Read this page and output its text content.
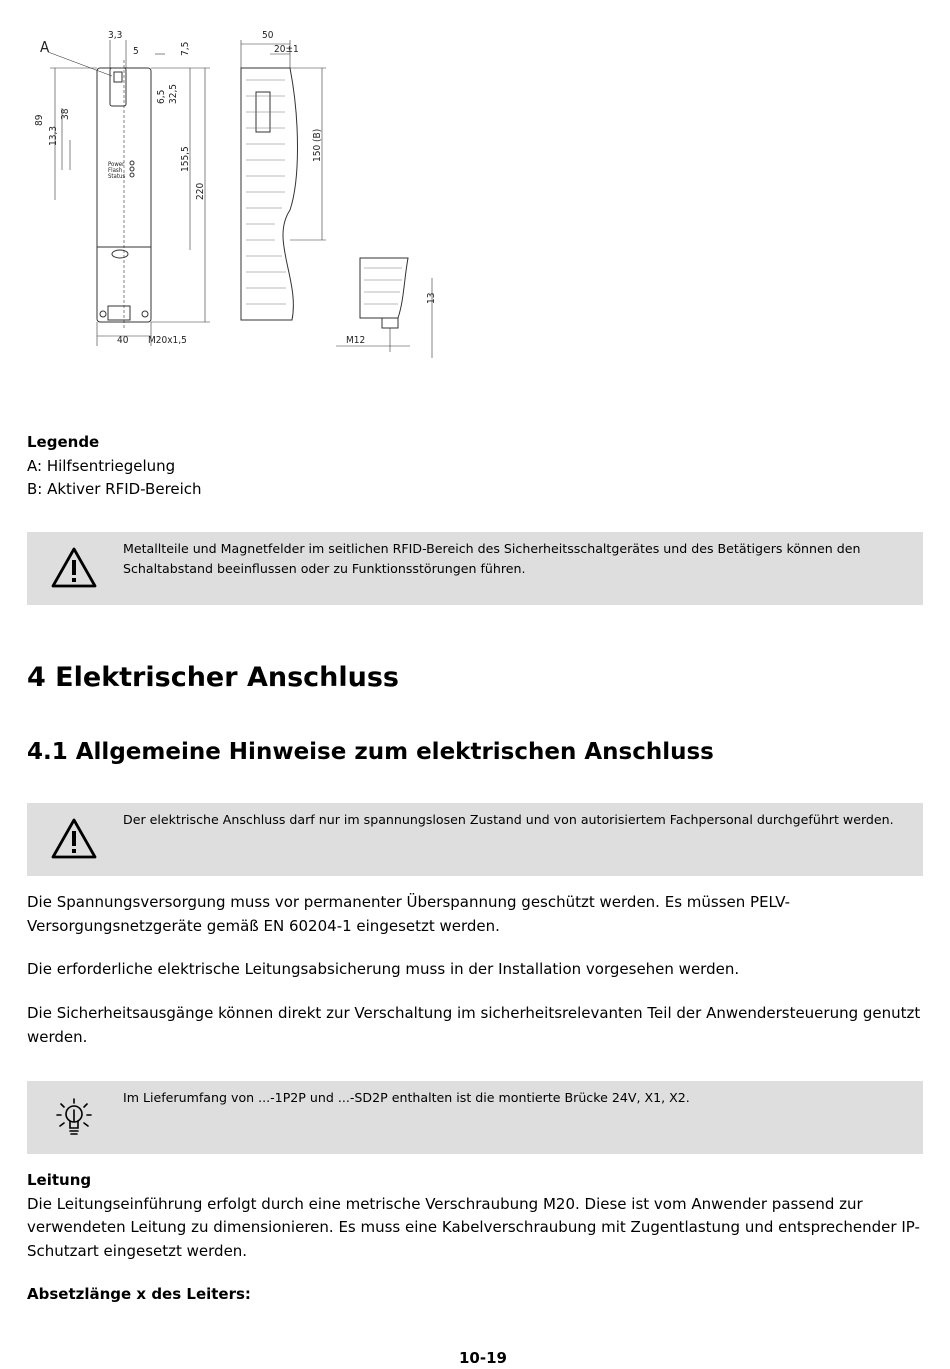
A
3,3
5	7,5
6,5 32,5
155,5
220
89
38
13,3
40 M20x1,5
Power
Flash
Status
50
20±1
150 (B)
13
M12
Legende
A: Hilfsentriegelung
B: Aktiver RFID-Bereich
Metallteile und Magnetfelder im seitlichen RFID-Bereich des Sicherheitsschaltgerätes und des Betätigers können den Schaltabstand beeinflussen oder zu Funktionsstörungen führen.
4 Elektrischer Anschluss
4.1 Allgemeine Hinweise zum elektrischen Anschluss
Der elektrische Anschluss darf nur im spannungslosen Zustand und von autorisiertem Fachpersonal durchgeführt werden.

Die Spannungsversorgung muss vor permanenter Überspannung geschützt werden. Es müssen PELV-Versorgungsnetzgeräte gemäß EN 60204-1 eingesetzt werden.

Die erforderliche elektrische Leitungsabsicherung muss in der Installation vorgesehen werden.

Die Sicherheitsausgänge können direkt zur Verschaltung im sicherheitsrelevanten Teil der Anwendersteuerung genutzt werden.

Im Lieferumfang von ...-1P2P und ...-SD2P enthalten ist die montierte Brücke 24V, X1, X2.
Leitung
Die Leitungseinführung erfolgt durch eine metrische Verschraubung M20. Diese ist vom Anwender passend zur verwendeten Leitung zu dimensionieren. Es muss eine Kabelverschraubung mit Zugentlastung und entsprechender IP-Schutzart eingesetzt werden.
Absetzlänge x des Leiters:
10-19
